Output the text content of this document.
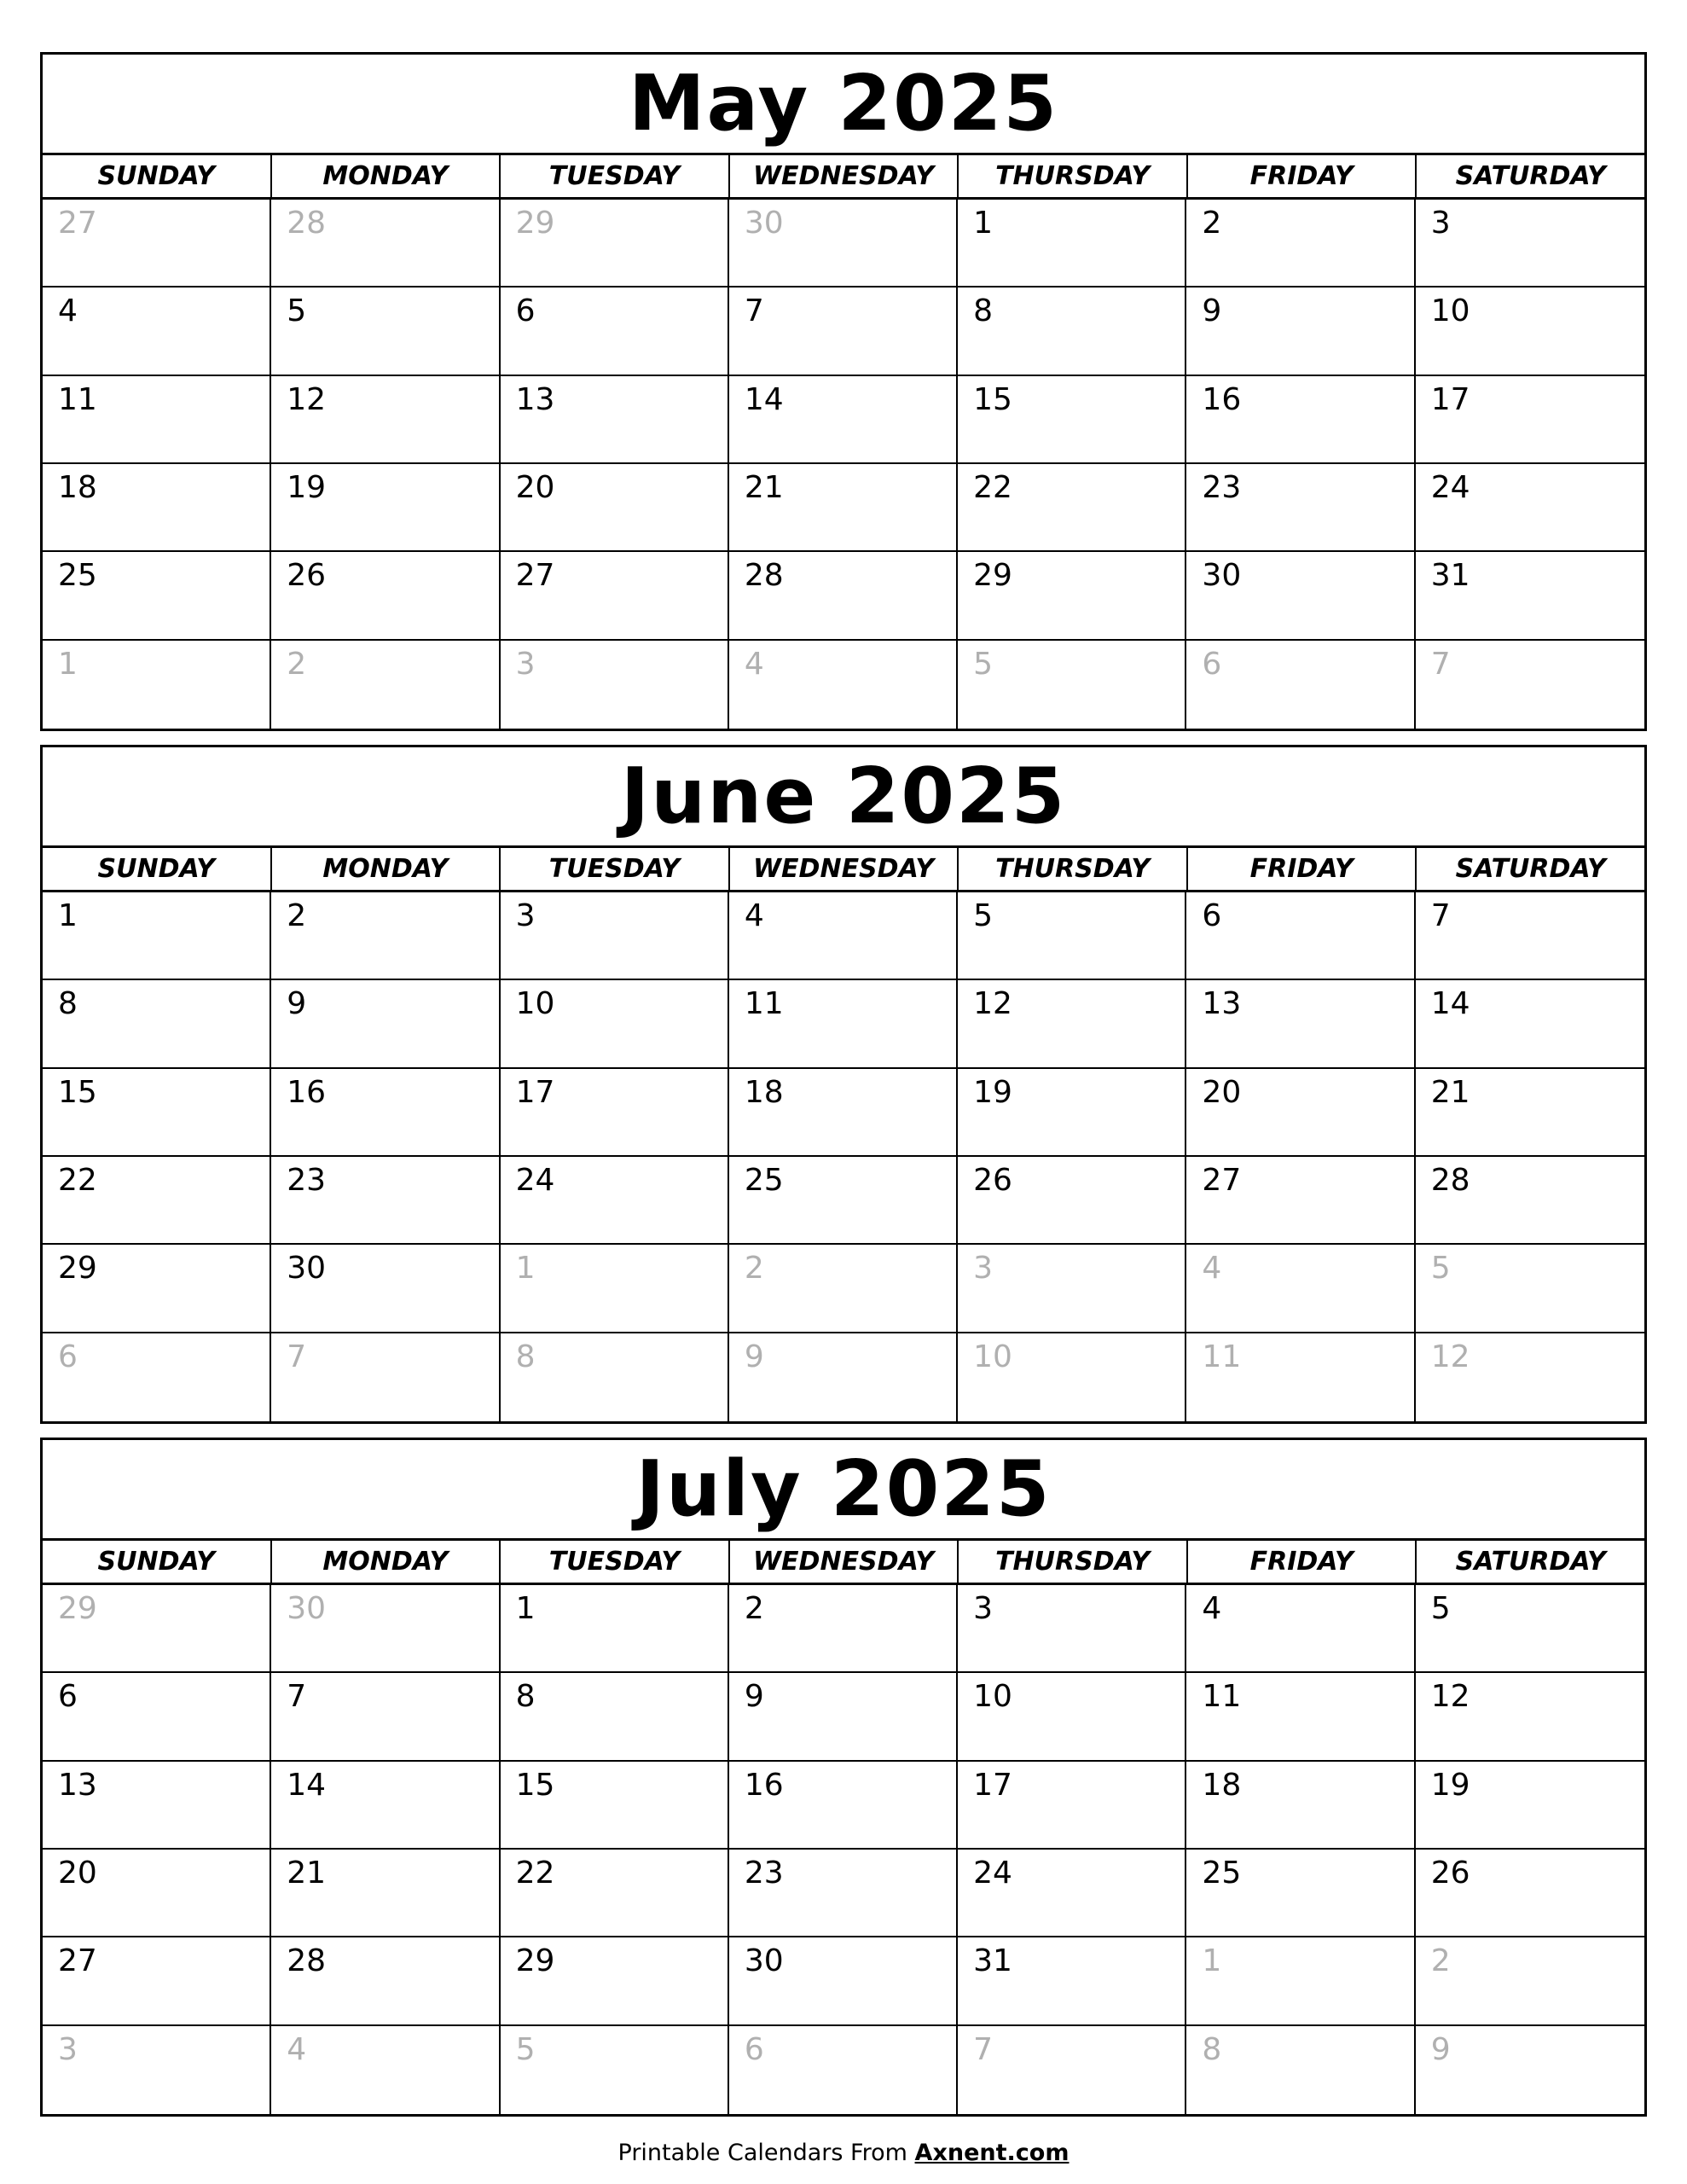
May 2025
SUNDAY	MONDAY	TUESDAY	WEDNESDAY	THURSDAY	FRIDAY	SATURDAY
27	28	29	30	1	2	3
4	5	6	7	8	9	10
11	12	13	14	15	16	17
18	19	20	21	22	23	24
25	26	27	28	29	30	31
1	2	3	4	5	6	7
June 2025
SUNDAY	MONDAY	TUESDAY	WEDNESDAY	THURSDAY	FRIDAY	SATURDAY
1	2	3	4	5	6	7
8	9	10	11	12	13	14
15	16	17	18	19	20	21
22	23	24	25	26	27	28
29	30	1	2	3	4	5
6	7	8	9	10	11	12
July 2025
SUNDAY	MONDAY	TUESDAY	WEDNESDAY	THURSDAY	FRIDAY	SATURDAY
29	30	1	2	3	4	5
6	7	8	9	10	11	12
13	14	15	16	17	18	19
20	21	22	23	24	25	26
27	28	29	30	31	1	2
3	4	5	6	7	8	9
Printable Calendars From Axnent.com
